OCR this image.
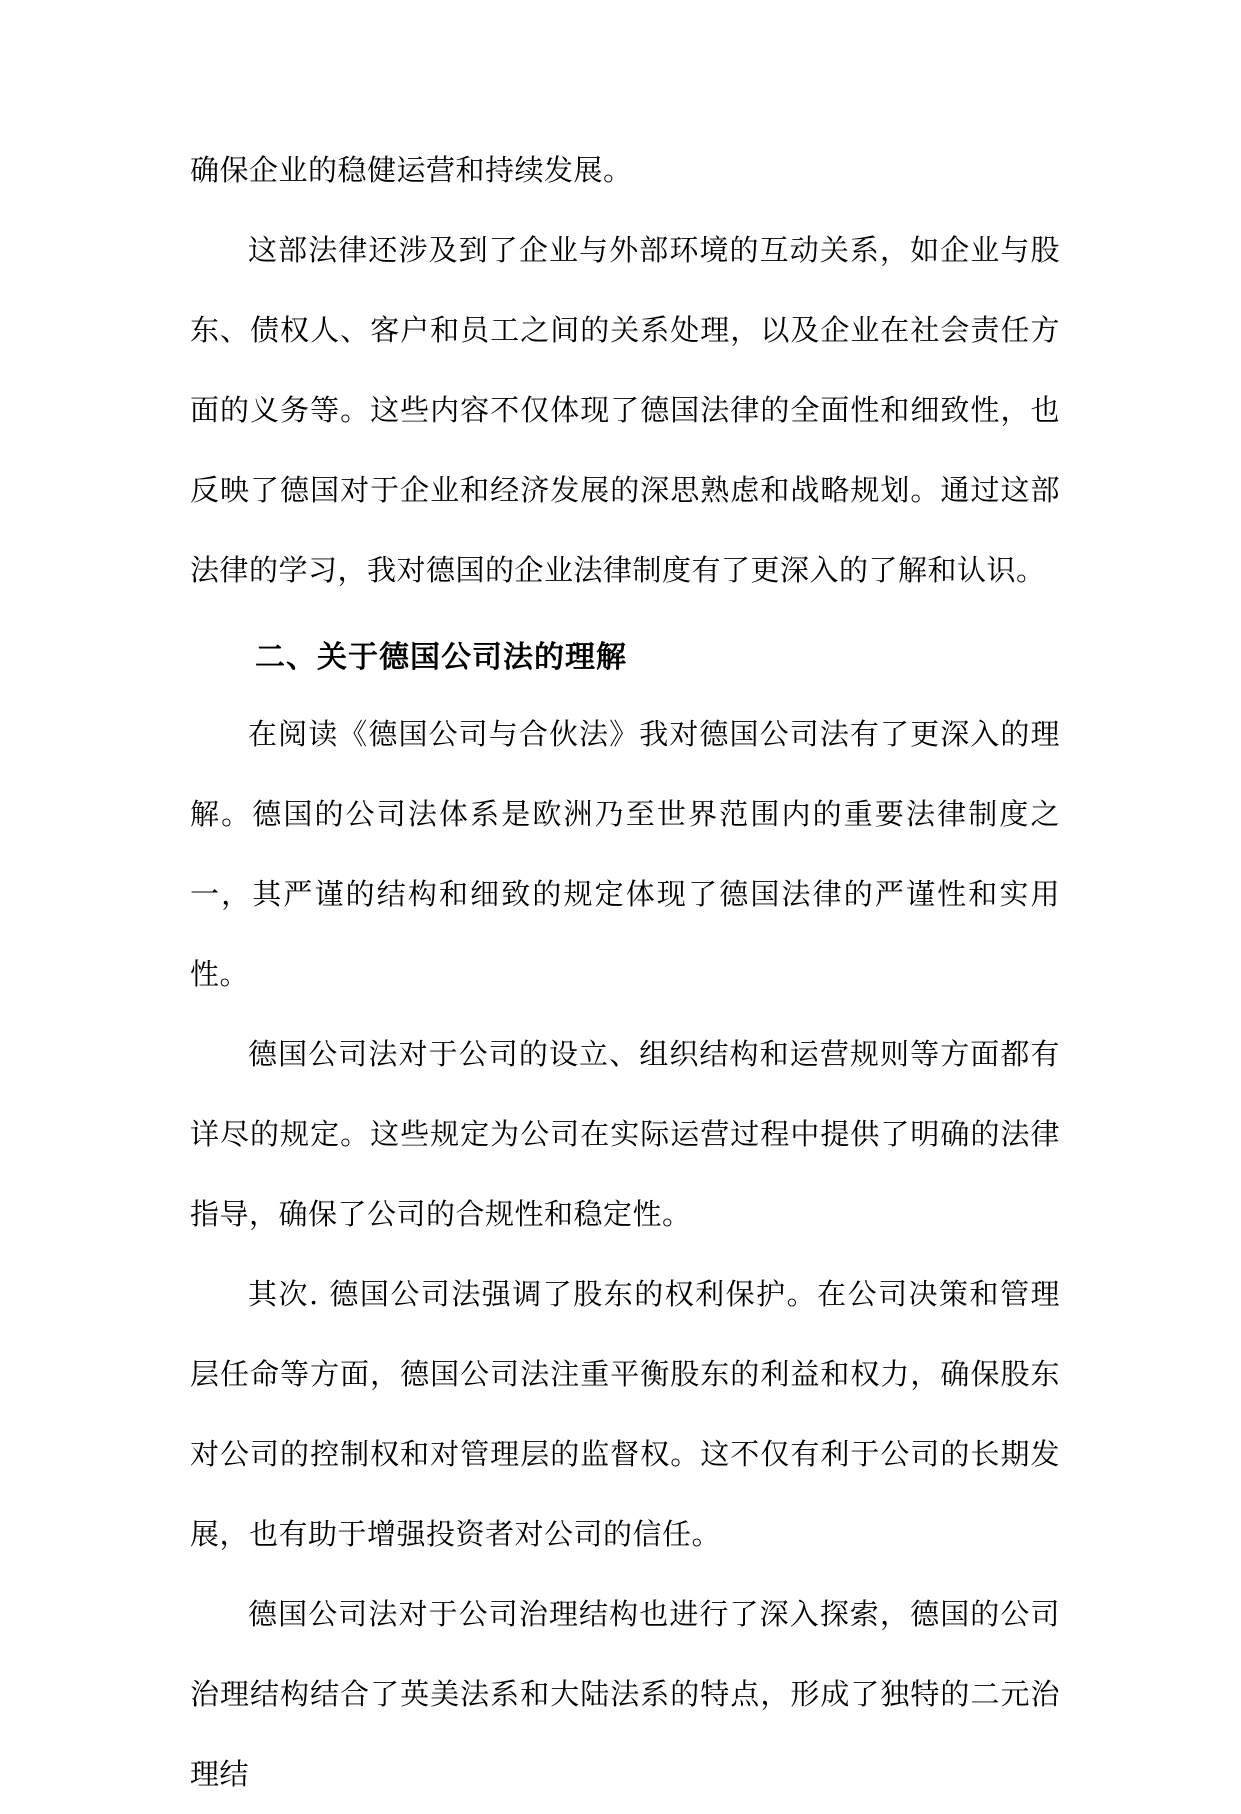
确保企业的稳健运营和持续发展。

这部法律还涉及到了企业与外部环境的互动关系，如企业与股东、债权人、客户和员工之间的关系处理，以及企业在社会责任方面的义务等。这些内容不仅体现了德国法律的全面性和细致性，也反映了德国对于企业和经济发展的深思熟虑和战略规划。通过这部法律的学习，我对德国的企业法律制度有了更深入的了解和认识。

二、关于德国公司法的理解

在阅读《德国公司与合伙法》我对德国公司法有了更深入的理解。德国的公司法体系是欧洲乃至世界范围内的重要法律制度之一，其严谨的结构和细致的规定体现了德国法律的严谨性和实用性。

德国公司法对于公司的设立、组织结构和运营规则等方面都有详尽的规定。这些规定为公司在实际运营过程中提供了明确的法律指导，确保了公司的合规性和稳定性。

其次. 德国公司法强调了股东的权利保护。在公司决策和管理层任命等方面，德国公司法注重平衡股东的利益和权力，确保股东对公司的控制权和对管理层的监督权。这不仅有利于公司的长期发展，也有助于增强投资者对公司的信任。

德国公司法对于公司治理结构也进行了深入探索，德国的公司治理结构结合了英美法系和大陆法系的特点，形成了独特的二元治理结
